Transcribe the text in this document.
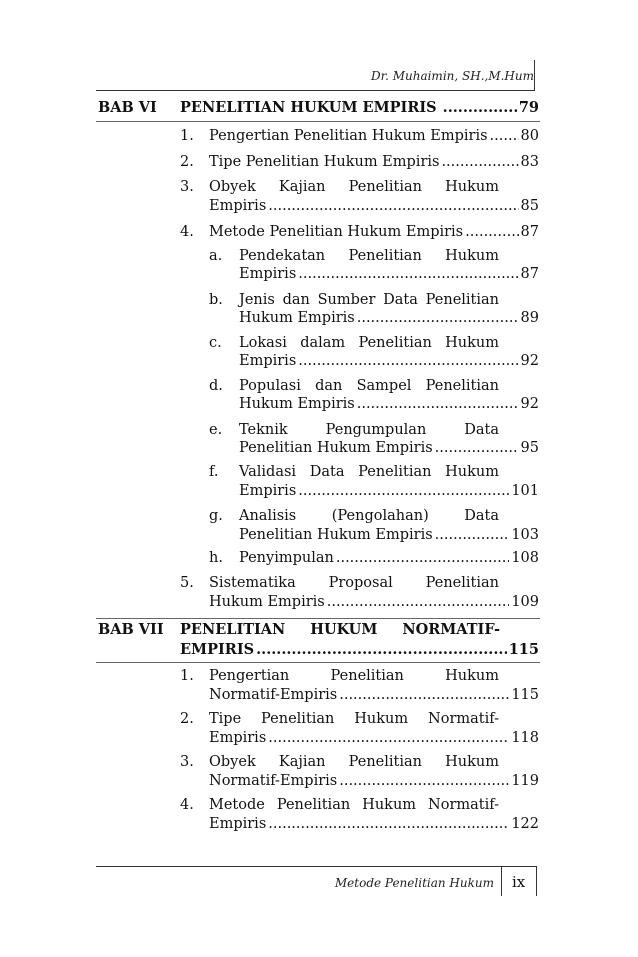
Dr. Muhaimin, SH.,M.Hum
BAB VI PENELITIAN HUKUM EMPIRIS .....	79
1. Pengertian Penelitian Hukum Empiris ..... 80
2. Tipe Penelitian Hukum Empiris .....	83
3. Obyek Kajian Penelitian Hukum
Empiris .....	85
4. Metode Penelitian Hukum Empiris .....	87
a. Pendekatan Penelitian Hukum
Empiris .....	87
b. Jenis dan Sumber Data Penelitian
Hukum Empiris .....	89
c. Lokasi dalam Penelitian Hukum
Empiris .....	92
d. Populasi dan Sampel Penelitian
Hukum Empiris .....	92
e. Teknik Pengumpulan Data
Penelitian Hukum Empiris .....	95
f. Validasi Data Penelitian Hukum
Empiris .....	101
g. Analisis (Pengolahan) Data
Penelitian Hukum Empiris .....	103
h. Penyimpulan .....	108
5. Sistematika Proposal Penelitian
Hukum Empiris .....	109
BAB VII PENELITIAN HUKUM NORMATIF-
EMPIRIS .....	115
1. Pengertian Penelitian Hukum
Normatif-Empiris .....	115
2. Tipe Penelitian Hukum Normatif-
Empiris .....	118
3. Obyek Kajian Penelitian Hukum
Normatif-Empiris .....	119
4. Metode Penelitian Hukum Normatif-
Empiris .....	122
Metode Penelitian Hukum ix
